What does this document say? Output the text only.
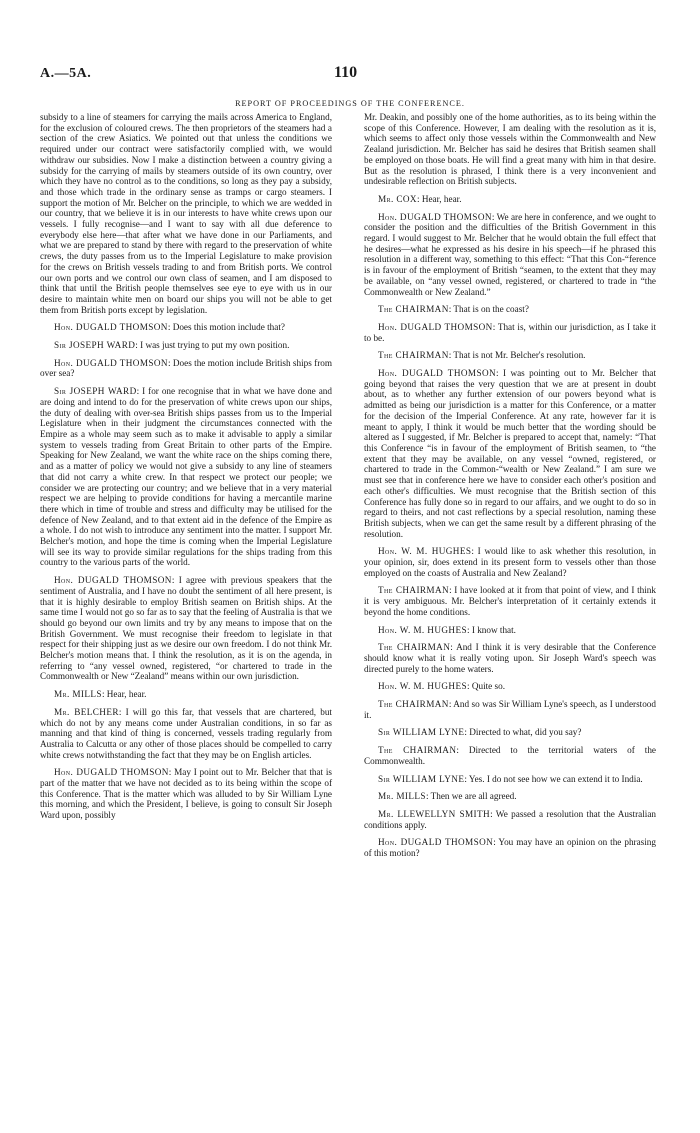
A.—5A.	110
REPORT OF PROCEEDINGS OF THE CONFERENCE.

subsidy to a line of steamers for carrying the mails across America to England, for the exclusion of coloured crews. The then proprietors of the steamers had a section of the crew Asiatics. We pointed out that unless the conditions we required under our contract were satisfactorily complied with, we would withdraw our subsidies. Now I make a distinction between a country giving a subsidy for the carrying of mails by steamers outside of its own country, over which they have no control as to the conditions, so long as they pay a subsidy, and those which trade in the ordinary sense as tramps or cargo steamers. I support the motion of Mr. Belcher on the principle, to which we are wedded in our country, that we believe it is in our interests to have white crews upon our vessels. I fully recognise—and I want to say with all due deference to everybody else here—that after what we have done in our Parliaments, and what we are prepared to stand by there with regard to the preservation of white crews, the duty passes from us to the Imperial Legislature to make provision for the crews on British vessels trading to and from British ports. We control our own ports and we control our own class of seamen, and I am disposed to think that until the British people themselves see eye to eye with us in our desire to maintain white men on board our ships you will not be able to get them from British ports except by legislation.

Hon. DUGALD THOMSON: Does this motion include that?

Sir JOSEPH WARD: I was just trying to put my own position.

Hon. DUGALD THOMSON: Does the motion include British ships from over sea?

Sir JOSEPH WARD: I for one recognise that in what we have done and are doing and intend to do for the preservation of white crews upon our ships, the duty of dealing with over-sea British ships passes from us to the Imperial Legislature when in their judgment the circumstances connected with the Empire as a whole may seem such as to make it advisable to apply a similar system to vessels trading from Great Britain to other parts of the Empire. Speaking for New Zealand, we want the white race on the ships coming there, and as a matter of policy we would not give a subsidy to any line of steamers that did not carry a white crew. In that respect we protect our people; we consider we are protecting our country; and we believe that in a very material respect we are helping to provide conditions for having a mercantile marine there which in time of trouble and stress and difficulty may be utilised for the defence of New Zealand, and to that extent aid in the defence of the Empire as a whole. I do not wish to introduce any sentiment into the matter. I support Mr. Belcher's motion, and hope the time is coming when the Imperial Legislature will see its way to provide similar regulations for the ships trading from this country to the various parts of the world.

Hon. DUGALD THOMSON: I agree with previous speakers that the sentiment of Australia, and I have no doubt the sentiment of all here present, is that it is highly desirable to employ British seamen on British ships. At the same time I would not go so far as to say that the feeling of Australia is that we should go beyond our own limits and try by any means to impose that on the British Government. We must recognise their freedom to legislate in that respect for their shipping just as we desire our own freedom. I do not think Mr. Belcher's motion means that. I think the resolution, as it is on the agenda, in referring to “any vessel owned, registered, “or chartered to trade in the Commonwealth or New “Zealand” means within our own jurisdiction.

Mr. MILLS: Hear, hear.

Mr. BELCHER: I will go this far, that vessels that are chartered, but which do not by any means come under Australian conditions, in so far as manning and that kind of thing is concerned, vessels trading regularly from Australia to Calcutta or any other of those places should be compelled to carry white crews notwithstanding the fact that they may be on English articles.

Hon. DUGALD THOMSON: May I point out to Mr. Belcher that that is part of the matter that we have not decided as to its being within the scope of this Conference. That is the matter which was alluded to by Sir William Lyne this morning, and which the President, I believe, is going to consult Sir Joseph Ward upon, possibly

Mr. Deakin, and possibly one of the home authorities, as to its being within the scope of this Conference. However, I am dealing with the resolution as it is, which seems to affect only those vessels within the Commonwealth and New Zealand jurisdiction. Mr. Belcher has said he desires that British seamen shall be employed on those boats. He will find a great many with him in that desire. But as the resolution is phrased, I think there is a very inconvenient and undesirable reflection on British subjects.

Mr. COX: Hear, hear.

Hon. DUGALD THOMSON: We are here in conference, and we ought to consider the position and the difficulties of the British Government in this regard. I would suggest to Mr. Belcher that he would obtain the full effect that he desires—what he expressed as his desire in his speech—if he phrased this resolution in a different way, something to this effect: “That this Con-“ference is in favour of the employment of British “seamen, to the extent that they may be available, on “any vessel owned, registered, or chartered to trade in “the Commonwealth or New Zealand.”

The CHAIRMAN: That is on the coast?

Hon. DUGALD THOMSON: That is, within our jurisdiction, as I take it to be.

The CHAIRMAN: That is not Mr. Belcher's resolution.

Hon. DUGALD THOMSON: I was pointing out to Mr. Belcher that going beyond that raises the very question that we are at present in doubt about, as to whether any further extension of our powers beyond what is admitted as being our jurisdiction is a matter for this Conference, or a matter for the decision of the Imperial Conference. At any rate, however far it is meant to apply, I think it would be much better that the wording should be altered as I suggested, if Mr. Belcher is prepared to accept that, namely: “That this Conference “is in favour of the employment of British seamen, to “the extent that they may be available, on any vessel “owned, registered, or chartered to trade in the Common-“wealth or New Zealand.” I am sure we must see that in conference here we have to consider each other's position and each other's difficulties. We must recognise that the British section of this Conference has fully done so in regard to our affairs, and we ought to do so in regard to theirs, and not cast reflections by a special resolution, naming these British subjects, when we can get the same result by a different phrasing of the resolution.

Hon. W. M. HUGHES: I would like to ask whether this resolution, in your opinion, sir, does extend in its present form to vessels other than those employed on the coasts of Australia and New Zealand?

The CHAIRMAN: I have looked at it from that point of view, and I think it is very ambiguous. Mr. Belcher's interpretation of it certainly extends it beyond the home conditions.

Hon. W. M. HUGHES: I know that.

The CHAIRMAN: And I think it is very desirable that the Conference should know what it is really voting upon. Sir Joseph Ward's speech was directed purely to the home waters.

Hon. W. M. HUGHES: Quite so.

The CHAIRMAN: And so was Sir William Lyne's speech, as I understood it.

Sir WILLIAM LYNE: Directed to what, did you say?

The CHAIRMAN: Directed to the territorial waters of the Commonwealth.

Sir WILLIAM LYNE: Yes. I do not see how we can extend it to India.

Mr. MILLS: Then we are all agreed.

Mr. LLEWELLYN SMITH: We passed a resolution that the Australian conditions apply.

Hon. DUGALD THOMSON: You may have an opinion on the phrasing of this motion?
